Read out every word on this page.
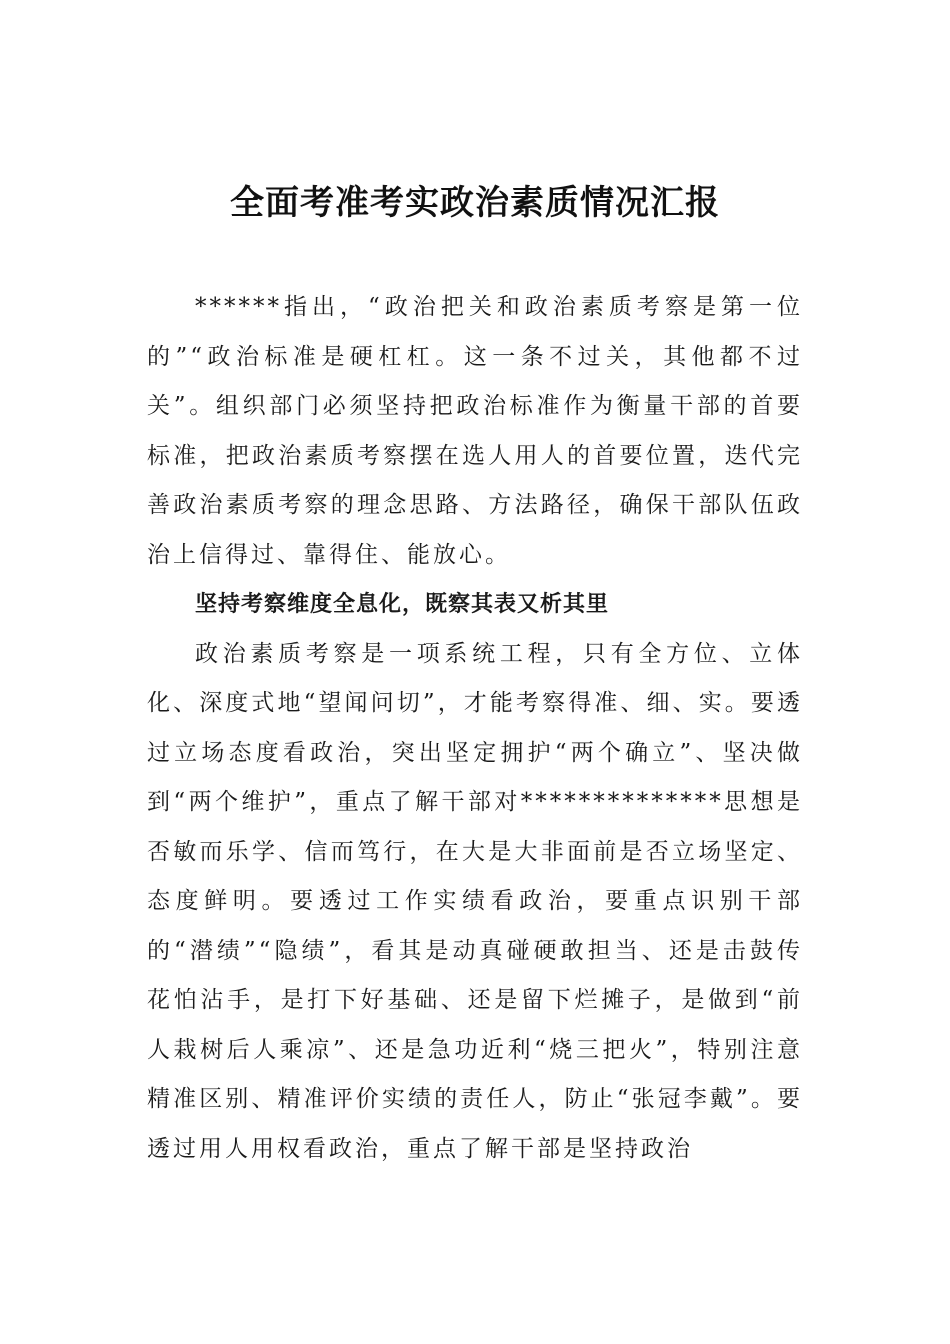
全面考准考实政治素质情况汇报

******指出，“政治把关和政治素质考察是第一位的”“政治标准是硬杠杠。这一条不过关，其他都不过关”。组织部门必须坚持把政治标准作为衡量干部的首要标准，把政治素质考察摆在选人用人的首要位置，迭代完善政治素质考察的理念思路、方法路径，确保干部队伍政治上信得过、靠得住、能放心。

坚持考察维度全息化，既察其表又析其里

政治素质考察是一项系统工程，只有全方位、立体化、深度式地“望闻问切”，才能考察得准、细、实。要透过立场态度看政治，突出坚定拥护“两个确立”、坚决做到“两个维护”，重点了解干部对**************思想是否敏而乐学、信而笃行，在大是大非面前是否立场坚定、态度鲜明。要透过工作实绩看政治，要重点识别干部的“潜绩”“隐绩”，看其是动真碰硬敢担当、还是击鼓传花怕沾手，是打下好基础、还是留下烂摊子，是做到“前人栽树后人乘凉”、还是急功近利“烧三把火”，特别注意精准区别、精准评价实绩的责任人，防止“张冠李戴”。要透过用人用权看政治，重点了解干部是坚持政治
